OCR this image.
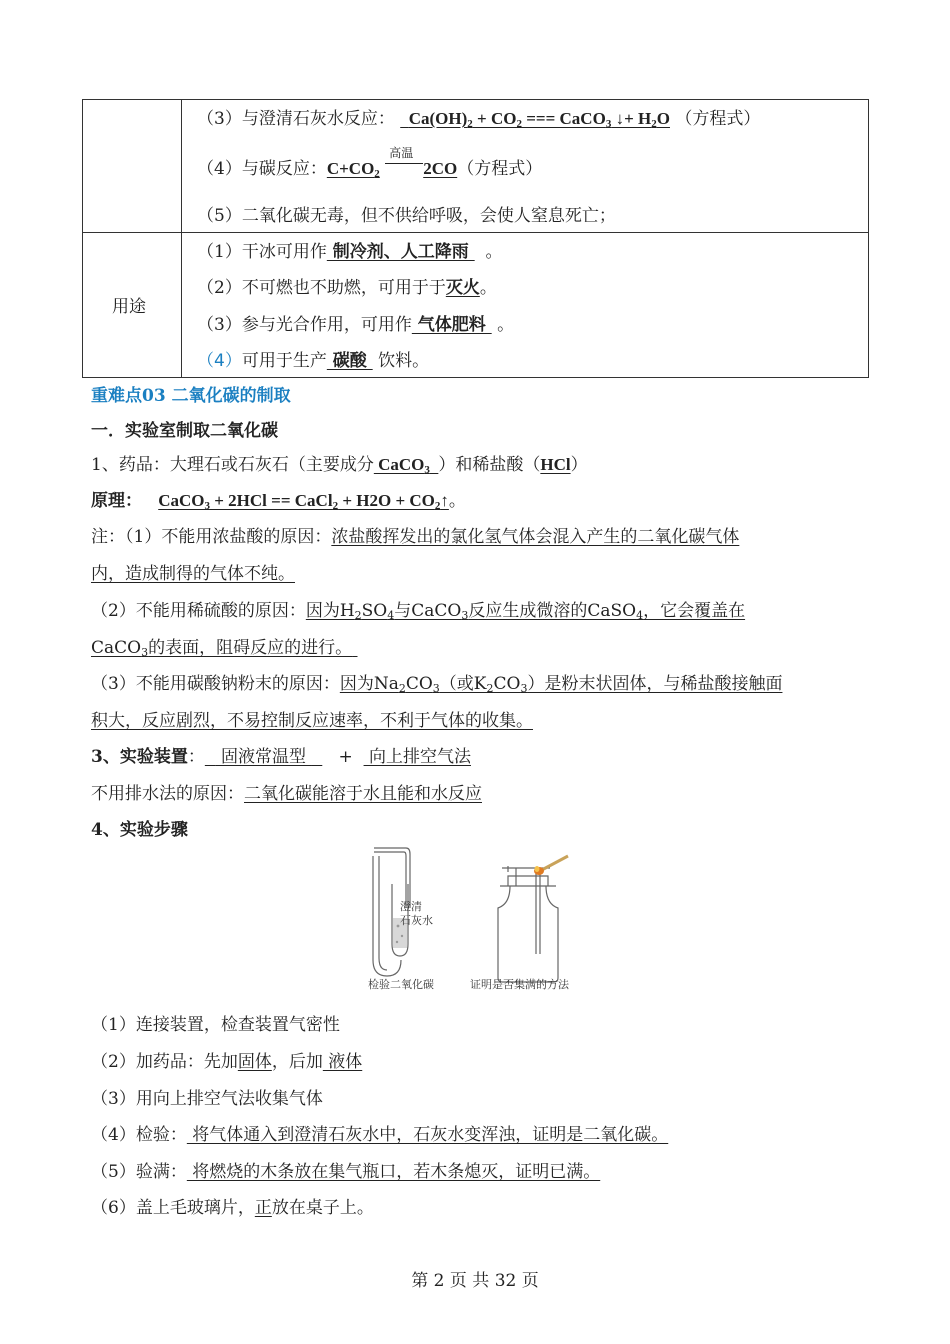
（3）与澄清石灰水反应： $Ca(OH)_2 + CO_2$ === CaCO$_3$ ↓+ $H_2O$ （方程式）
（4）与碳反应：$C+CO_2$
高温
2CO（方程式）
（5）二氧化碳无毒，但不供给呼吸，会使人窒息死亡；
用途
（1）干冰可用作 制冷剂、人工降雨   。
（2）不可燃也不助燃，可用于于灭火。
（3）参与光合作用，可用作 气体肥料  。
（4）可用于生产 碳酸  饮料。
重难点03 二氧化碳的制取
一．实验室制取二氧化碳
1、药品：大理石或石灰石（主要成分 CaCO$_3$ ）和稀盐酸（HCl）
原理： CaCO$_3$ + 2HCl == CaCl$_2$ + $H2O + CO_2↑$。
注：（1）不能用浓盐酸的原因：浓盐酸挥发出的氯化氢气体会混入产生的二氧化碳气体
内，造成制得的气体不纯。
（2）不能用稀硫酸的原因：因为$H_2SO_4$与CaCO$_3$反应生成微溶的CaSO$_4$，它会覆盖在
CaCO$_3$的表面，阻碍反应的进行。
（3）不能用碳酸钠粉末的原因：因为$Na_2CO_3$（或$K_2CO_3$）是粉末状固体，与稀盐酸接触面
积大，反应剧烈，不易控制反应速率，不利于气体的收集。
3、实验装置：   固液常温型      +   向上排空气法
不用排水法的原因：二氧化碳能溶于水且能和水反应
4、实验步骤
澄清
石灰水
检验二氧化碳	证明是否集满的方法
（1）连接装置，检查装置气密性
（2）加药品：先加固体，后加 液体
（3）用向上排空气法收集气体
（4）检验： 将气体通入到澄清石灰水中，石灰水变浑浊，证明是二氧化碳。
（5）验满： 将燃烧的木条放在集气瓶口，若木条熄灭，证明已满。
（6）盖上毛玻璃片，正放在桌子上。
第 2 页 共 32 页
